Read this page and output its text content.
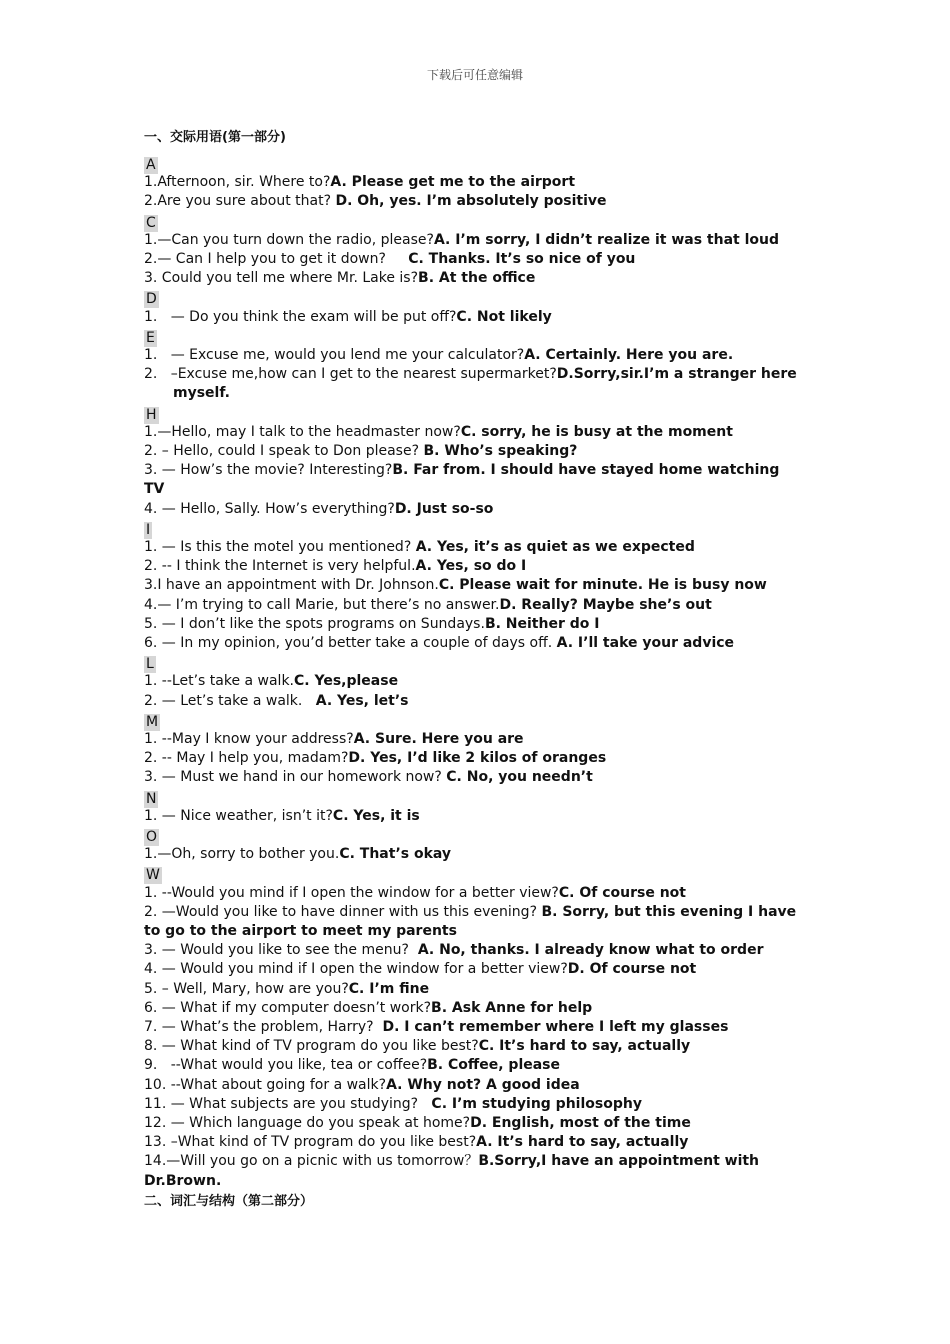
下载后可任意编辑
一、交际用语(第一部分)
A
1.Afternoon, sir. Where to?A. Please get me to the airport
2.Are you sure about that? D. Oh, yes. I’m absolutely positive
C
1.—Can you turn down the radio, please?A. I’m sorry, I didn’t realize it was that loud
2.— Can I help you to get it down?     C. Thanks. It’s so nice of you
3. Could you tell me where Mr. Lake is?B. At the office
D
1.   — Do you think the exam will be put off?C. Not likely
E
1.   — Excuse me, would you lend me your calculator?A. Certainly. Here you are.
2.   –Excuse me,how can I get to the nearest supermarket?D.Sorry,sir.I’m a stranger here myself.
H
1.—Hello, may I talk to the headmaster now?C. sorry, he is busy at the moment
2. – Hello, could I speak to Don please? B. Who’s speaking?
3. — How’s the movie? Interesting?B. Far from. I should have stayed home watching TV
4. — Hello, Sally. How’s everything?D. Just so-so
I
1. — Is this the motel you mentioned? A. Yes, it’s as quiet as we expected
2. -- I think the Internet is very helpful.A. Yes, so do I
3.I have an appointment with Dr. Johnson.C. Please wait for minute. He is busy now
4.— I’m trying to call Marie, but there’s no answer.D. Really? Maybe she’s out
5. — I don’t like the spots programs on Sundays.B. Neither do I
6. — In my opinion, you’d better take a couple of days off. A. I’ll take your advice
L
1. --Let’s take a walk.C. Yes,please
2. — Let’s take a walk.   A. Yes, let’s
M
1. --May I know your address?A. Sure. Here you are
2. -- May I help you, madam?D. Yes, I’d like 2 kilos of oranges
3. — Must we hand in our homework now? C. No, you needn’t
N
1. — Nice weather, isn’t it?C. Yes, it is
O
1.—Oh, sorry to bother you.C. That’s okay
W
1. --Would you mind if I open the window for a better view?C. Of course not
2. —Would you like to have dinner with us this evening? B. Sorry, but this evening I have to go to the airport to meet my parents
3. — Would you like to see the menu?  A. No, thanks. I already know what to order
4. — Would you mind if I open the window for a better view?D. Of course not
5. – Well, Mary, how are you?C. I’m fine
6. — What if my computer doesn’t work?B. Ask Anne for help
7. — What’s the problem, Harry?  D. I can’t remember where I left my glasses
8. — What kind of TV program do you like best?C. It’s hard to say, actually
9.   --What would you like, tea or coffee?B. Coffee, please
10. --What about going for a walk?A. Why not? A good idea
11. — What subjects are you studying?   C. I’m studying philosophy
12. — Which language do you speak at home?D. English, most of the time
13. –What kind of TV program do you like best?A. It’s hard to say, actually
14.—Will you go on a picnic with us tomorrow？B.Sorry,I have an appointment with Dr.Brown.
二、词汇与结构（第二部分）
